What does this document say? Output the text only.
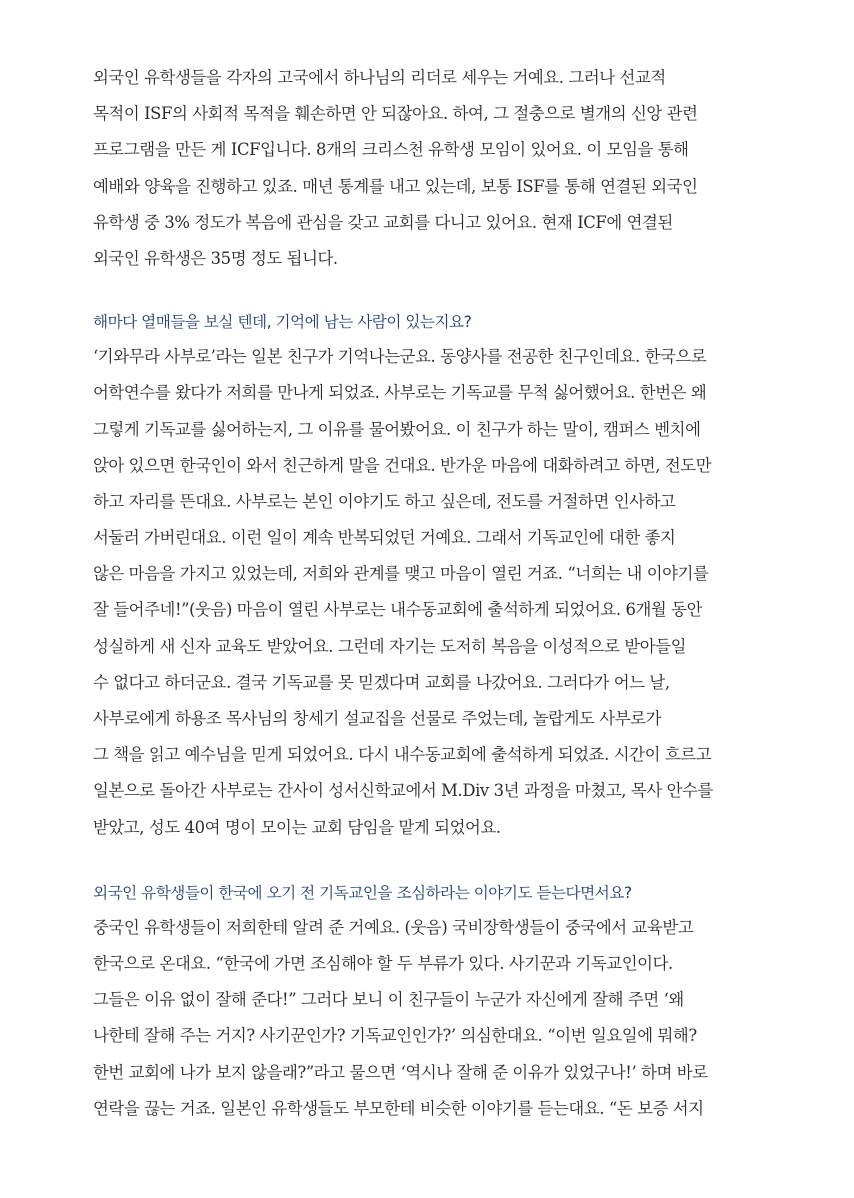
외국인 유학생들을 각자의 고국에서 하나님의 리더로 세우는 거예요. 그러나 선교적
목적이 ISF의 사회적 목적을 훼손하면 안 되잖아요. 하여, 그 절충으로 별개의 신앙 관련
프로그램을 만든 게 ICF입니다. 8개의 크리스천 유학생 모임이 있어요. 이 모임을 통해
예배와 양육을 진행하고 있죠. 매년 통계를 내고 있는데, 보통 ISF를 통해 연결된 외국인
유학생 중 3% 정도가 복음에 관심을 갖고 교회를 다니고 있어요. 현재 ICF에 연결된
외국인 유학생은 35명 정도 됩니다.
해마다 열매들을 보실 텐데, 기억에 남는 사람이 있는지요?
‘기와무라 사부로’라는 일본 친구가 기억나는군요. 동양사를 전공한 친구인데요. 한국으로
어학연수를 왔다가 저희를 만나게 되었죠. 사부로는 기독교를 무척 싫어했어요. 한번은 왜
그렇게 기독교를 싫어하는지, 그 이유를 물어봤어요. 이 친구가 하는 말이, 캠퍼스 벤치에
앉아 있으면 한국인이 와서 친근하게 말을 건대요. 반가운 마음에 대화하려고 하면, 전도만
하고 자리를 뜬대요. 사부로는 본인 이야기도 하고 싶은데, 전도를 거절하면 인사하고
서둘러 가버린대요. 이런 일이 계속 반복되었던 거예요. 그래서 기독교인에 대한 좋지
않은 마음을 가지고 있었는데, 저희와 관계를 맺고 마음이 열린 거죠. “너희는 내 이야기를
잘 들어주네!”(웃음) 마음이 열린 사부로는 내수동교회에 출석하게 되었어요. 6개월 동안
성실하게 새 신자 교육도 받았어요. 그런데 자기는 도저히 복음을 이성적으로 받아들일
수 없다고 하더군요. 결국 기독교를 못 믿겠다며 교회를 나갔어요. 그러다가 어느 날,
사부로에게 하용조 목사님의 창세기 설교집을 선물로 주었는데, 놀랍게도 사부로가
그 책을 읽고 예수님을 믿게 되었어요. 다시 내수동교회에 출석하게 되었죠. 시간이 흐르고
일본으로 돌아간 사부로는 간사이 성서신학교에서 M.Div 3년 과정을 마쳤고, 목사 안수를
받았고, 성도 40여 명이 모이는 교회 담임을 맡게 되었어요.
외국인 유학생들이 한국에 오기 전 기독교인을 조심하라는 이야기도 듣는다면서요?
중국인 유학생들이 저희한테 알려 준 거예요. (웃음) 국비장학생들이 중국에서 교육받고
한국으로 온대요. “한국에 가면 조심해야 할 두 부류가 있다. 사기꾼과 기독교인이다.
그들은 이유 없이 잘해 준다!” 그러다 보니 이 친구들이 누군가 자신에게 잘해 주면 ‘왜
나한테 잘해 주는 거지? 사기꾼인가? 기독교인인가?’ 의심한대요. “이번 일요일에 뭐해?
한번 교회에 나가 보지 않을래?”라고 물으면 ‘역시나 잘해 준 이유가 있었구나!’ 하며 바로
연락을 끊는 거죠. 일본인 유학생들도 부모한테 비슷한 이야기를 듣는대요. “돈 보증 서지
